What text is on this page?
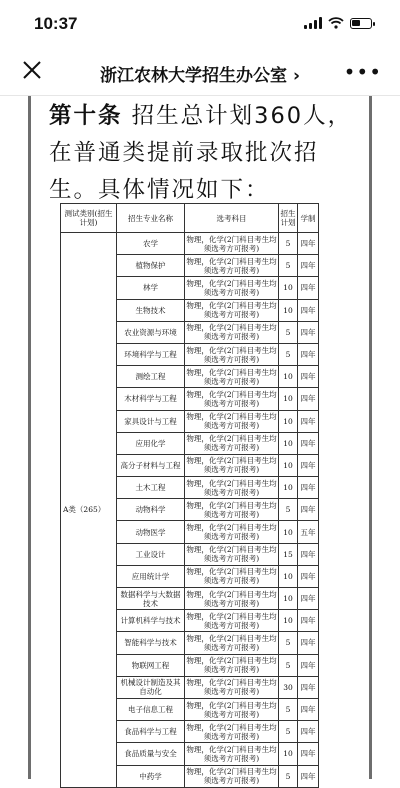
10:37
浙江农林大学招生办公室 ›	•••
第十条 招生总计划360人，在普通类提前录取批次招生。具体情况如下：
测试类别(招生计划)	招生专业名称	选考科目	招生计划	学制
A类（265）	农学	物理，化学(2门科目考生均须选考方可报考)	5	四年
	植物保护	物理，化学(2门科目考生均须选考方可报考)	5	四年
	林学	物理，化学(2门科目考生均须选考方可报考)	10	四年
	生物技术	物理，化学(2门科目考生均须选考方可报考)	10	四年
	农业资源与环境	物理，化学(2门科目考生均须选考方可报考)	5	四年
	环境科学与工程	物理，化学(2门科目考生均须选考方可报考)	5	四年
	测绘工程	物理，化学(2门科目考生均须选考方可报考)	10	四年
	木材科学与工程	物理，化学(2门科目考生均须选考方可报考)	10	四年
	家具设计与工程	物理，化学(2门科目考生均须选考方可报考)	10	四年
	应用化学	物理，化学(2门科目考生均须选考方可报考)	10	四年
	高分子材料与工程	物理，化学(2门科目考生均须选考方可报考)	10	四年
	土木工程	物理，化学(2门科目考生均须选考方可报考)	10	四年
	动物科学	物理，化学(2门科目考生均须选考方可报考)	5	四年
	动物医学	物理，化学(2门科目考生均须选考方可报考)	10	五年
	工业设计	物理，化学(2门科目考生均须选考方可报考)	15	四年
	应用统计学	物理，化学(2门科目考生均须选考方可报考)	10	四年
	数据科学与大数据技术	物理，化学(2门科目考生均须选考方可报考)	10	四年
	计算机科学与技术	物理，化学(2门科目考生均须选考方可报考)	10	四年
	智能科学与技术	物理，化学(2门科目考生均须选考方可报考)	5	四年
	物联网工程	物理，化学(2门科目考生均须选考方可报考)	5	四年
	机械设计制造及其自动化	物理，化学(2门科目考生均须选考方可报考)	30	四年
	电子信息工程	物理，化学(2门科目考生均须选考方可报考)	5	四年
	食品科学与工程	物理，化学(2门科目考生均须选考方可报考)	5	四年
	食品质量与安全	物理，化学(2门科目考生均须选考方可报考)	10	四年
	中药学	物理，化学(2门科目考生均须选考方可报考)	5	四年
